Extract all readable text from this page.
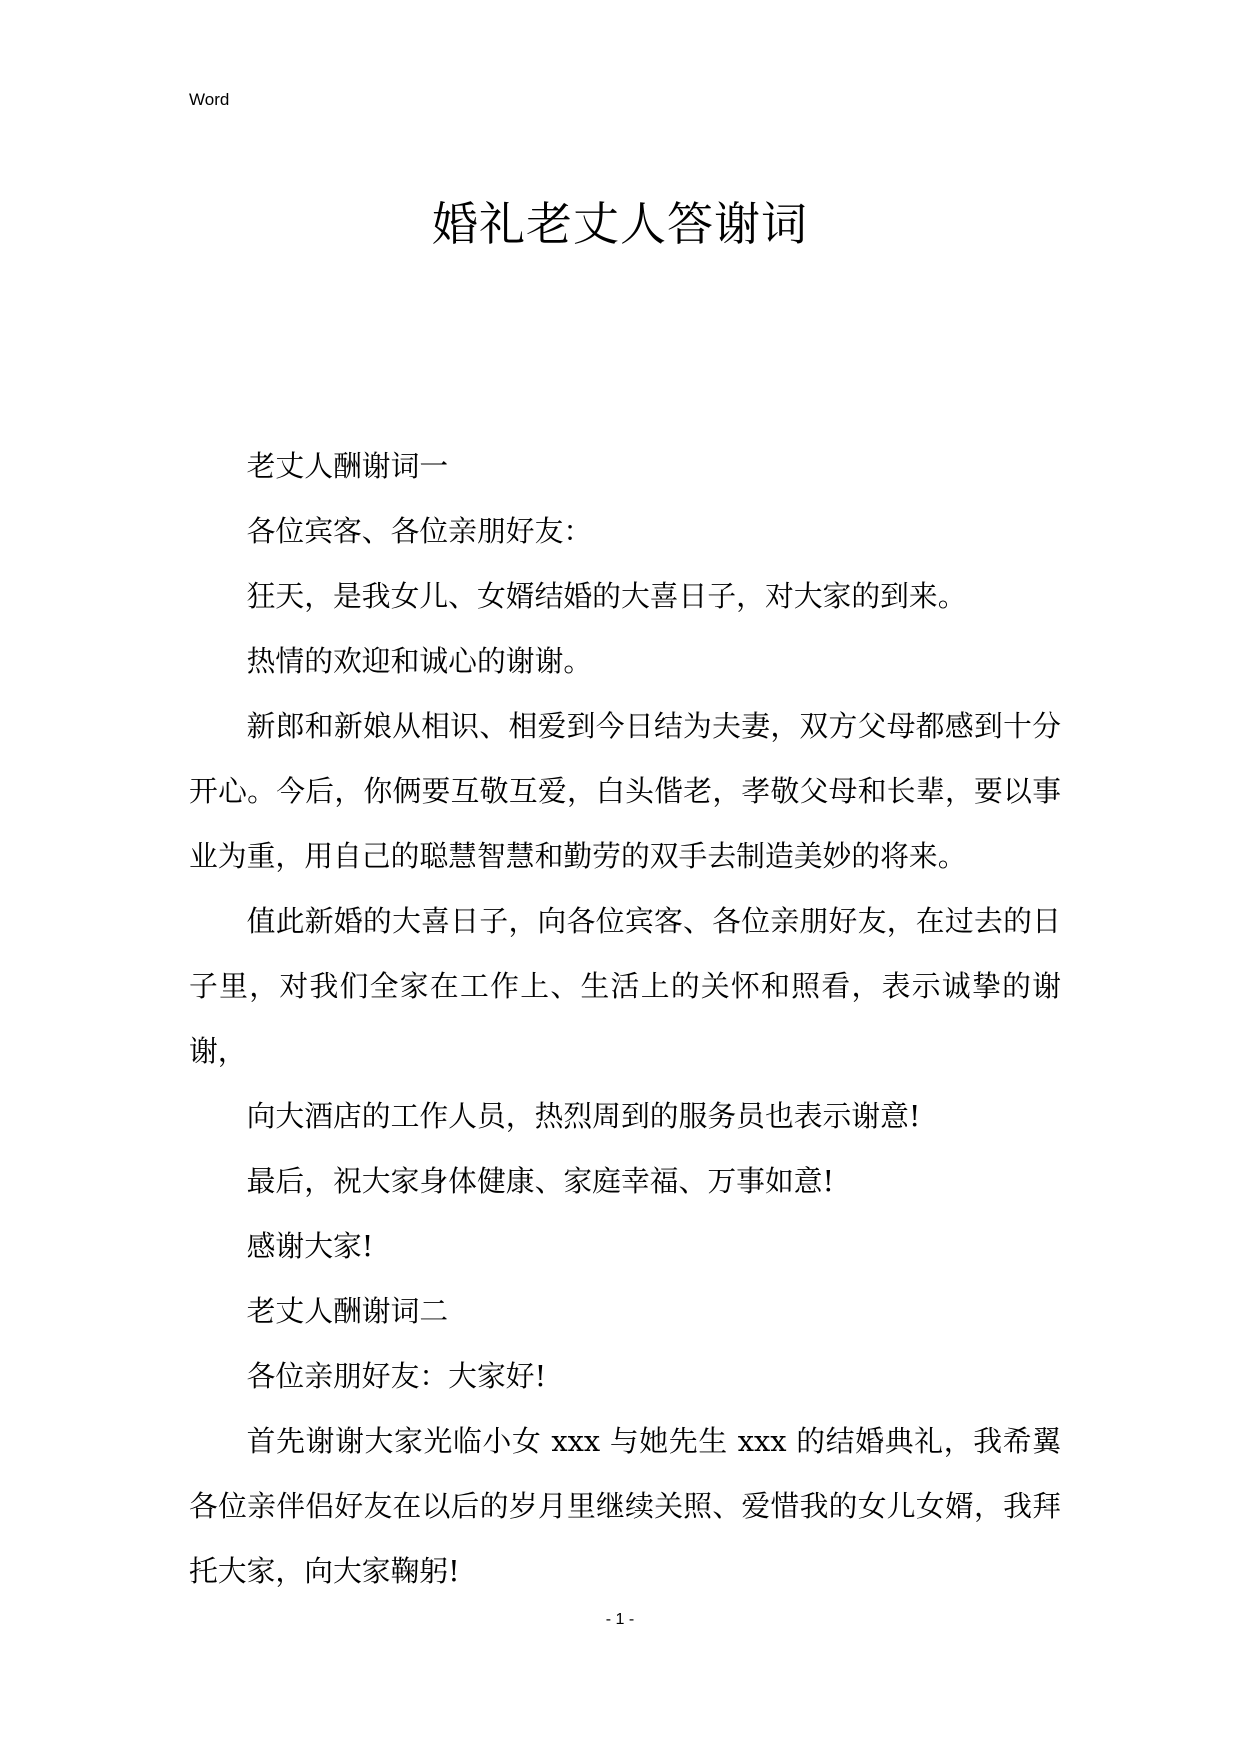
Word
婚礼老丈人答谢词

老丈人酬谢词一

各位宾客、各位亲朋好友：

狂天，是我女儿、女婿结婚的大喜日子，对大家的到来。

热情的欢迎和诚心的谢谢。

新郎和新娘从相识、相爱到今日结为夫妻，双方父母都感到十分开心。今后，你俩要互敬互爱，白头偕老，孝敬父母和长辈，要以事业为重，用自己的聪慧智慧和勤劳的双手去制造美妙的将来。

值此新婚的大喜日子，向各位宾客、各位亲朋好友，在过去的日子里，对我们全家在工作上、生活上的关怀和照看，表示诚挚的谢谢，

向大酒店的工作人员，热烈周到的服务员也表示谢意!

最后，祝大家身体健康、家庭幸福、万事如意!

感谢大家!

老丈人酬谢词二

各位亲朋好友：大家好!

首先谢谢大家光临小女 xxx 与她先生 xxx 的结婚典礼，我希翼各位亲伴侣好友在以后的岁月里继续关照、爱惜我的女儿女婿，我拜托大家，向大家鞠躬!

- 1 -
